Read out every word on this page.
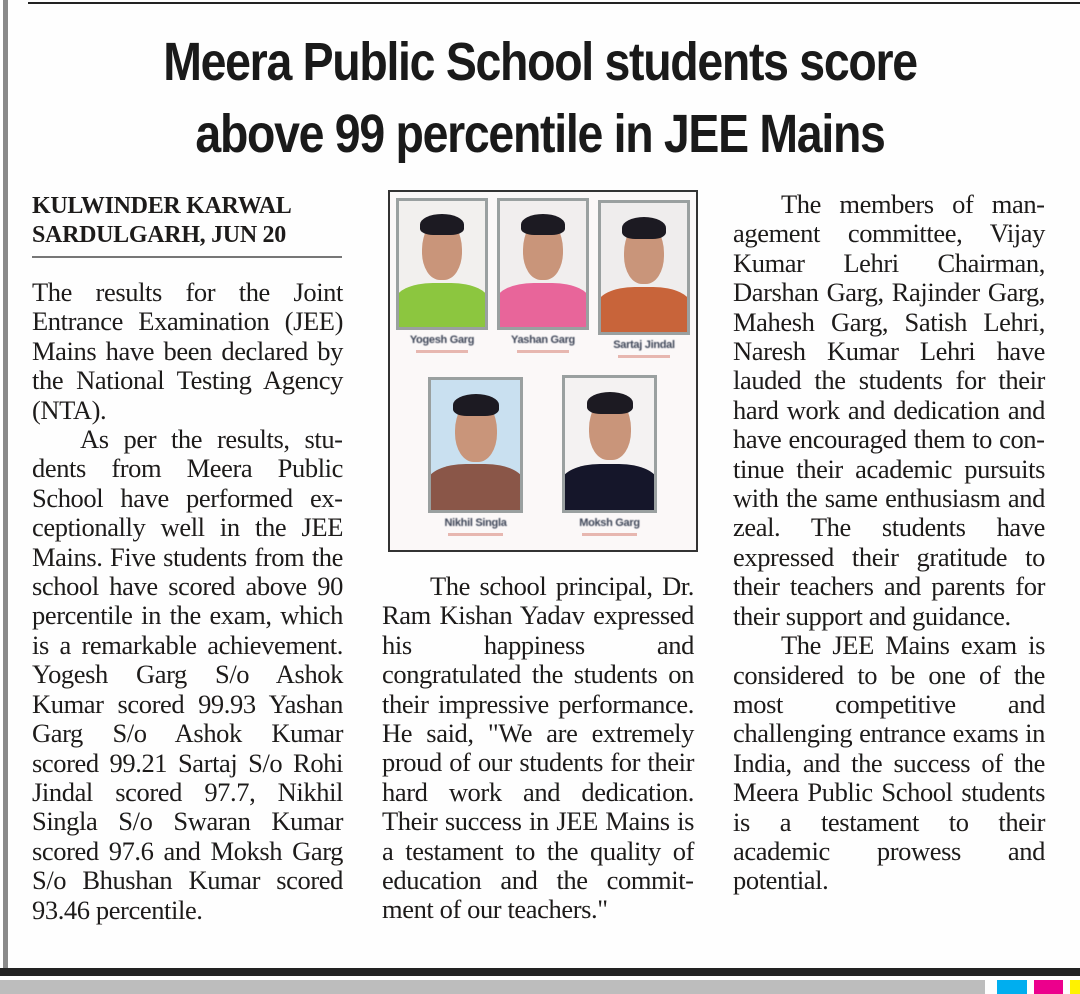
Meera Public School students score
above 99 percentile in JEE Mains
KULWINDER KARWAL
SARDULGARH, JUN 20

The results for the Joint Entrance Examination (JEE) Mains have been declared by the National Testing Agency (NTA).

As per the results, students from Meera Public School have performed exceptionally well in the JEE Mains. Five students from the school have scored above 90 percentile in the exam, which is a remarkable achievement. Yogesh Garg S/o Ashok Kumar scored 99.93 Yashan Garg S/o Ashok Kumar scored 99.21 Sartaj S/o Rohi Jindal scored 97.7, Nikhil Singla S/o Swaran Kumar scored 97.6 and Moksh Garg S/o Bhushan Kumar scored 93.46 percentile.

Yogesh Garg	Yashan Garg	Sartaj Jindal
Nikhil Singla	Moksh Garg

The school principal, Dr. Ram Kishan Yadav expressed his happiness and congratulated the students on their impressive performance. He said, "We are extremely proud of our students for their hard work and dedication. Their success in JEE Mains is a testament to the quality of education and the commitment of our teachers."

The members of management committee, Vijay Kumar Lehri Chairman, Darshan Garg, Rajinder Garg, Mahesh Garg, Satish Lehri, Naresh Kumar Lehri have lauded the students for their hard work and dedication and have encouraged them to continue their academic pursuits with the same enthusiasm and zeal. The students have expressed their gratitude to their teachers and parents for their support and guidance.

The JEE Mains exam is considered to be one of the most competitive and challenging entrance exams in India, and the success of the Meera Public School students is a testament to their academic prowess and potential.
